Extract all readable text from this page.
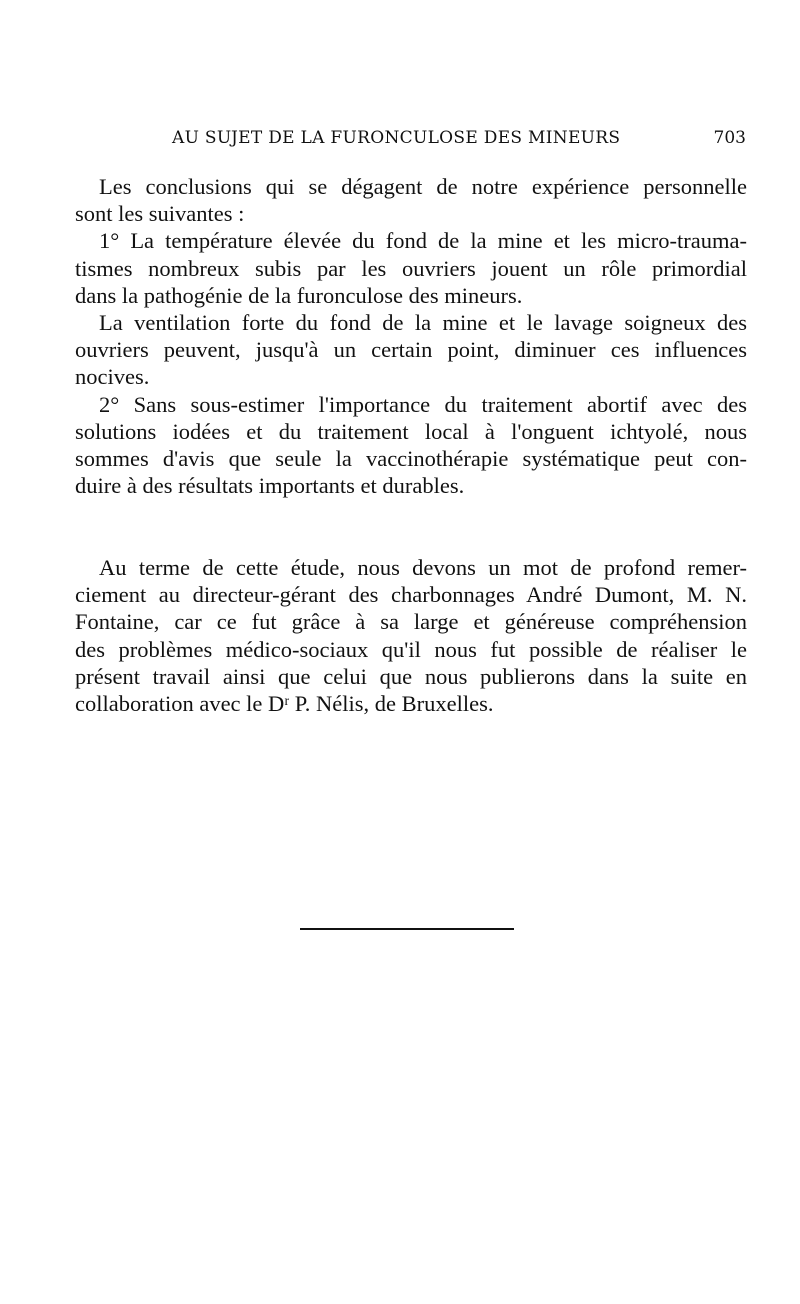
AU SUJET DE LA FURONCULOSE DES MINEURS	703
Les conclusions qui se dégagent de notre expérience personnelle
sont les suivantes :
1° La température élevée du fond de la mine et les micro-trauma-
tismes nombreux subis par les ouvriers jouent un rôle primordial
dans la pathogénie de la furonculose des mineurs.
La ventilation forte du fond de la mine et le lavage soigneux des
ouvriers peuvent, jusqu'à un certain point, diminuer ces influences
nocives.
2° Sans sous-estimer l'importance du traitement abortif avec des
solutions iodées et du traitement local à l'onguent ichtyolé, nous
sommes d'avis que seule la vaccinothérapie systématique peut con-
duire à des résultats importants et durables.
Au terme de cette étude, nous devons un mot de profond remer-
ciement au directeur-gérant des charbonnages André Dumont, M. N.
Fontaine, car ce fut grâce à sa large et généreuse compréhension
des problèmes médico-sociaux qu'il nous fut possible de réaliser le
présent travail ainsi que celui que nous publierons dans la suite en
collaboration avec le Dʳ P. Nélis, de Bruxelles.
